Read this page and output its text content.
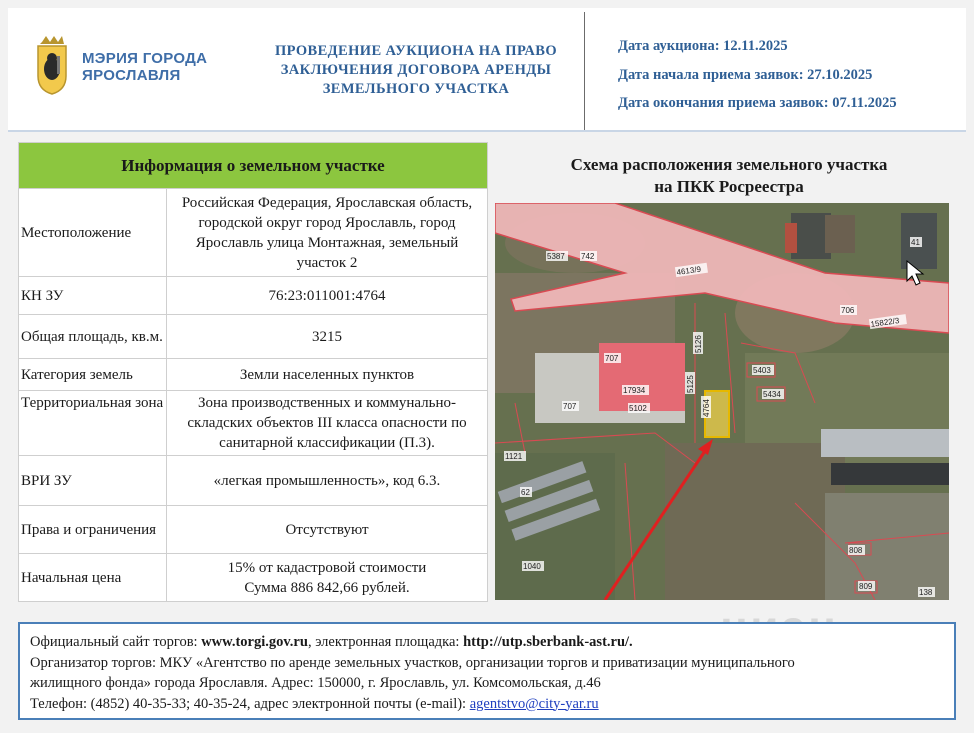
МЭРИЯ ГОРОДА
ЯРОСЛАВЛЯ
ПРОВЕДЕНИЕ АУКЦИОНА НА ПРАВО
ЗАКЛЮЧЕНИЯ ДОГОВОРА АРЕНДЫ
ЗЕМЕЛЬНОГО УЧАСТКА
Дата аукциона: 12.11.2025
Дата начала приема заявок: 27.10.2025
Дата окончания приема заявок: 07.11.2025
Информация о земельном участке	
Местоположение	Российская Федерация, Ярославская область, городской округ город Ярославль, город Ярославль улица Монтажная, земельный участок 2
КН ЗУ	76:23:011001:4764
Общая площадь, кв.м.	3215
Категория земель	Земли населенных пунктов
Территориальная зона	Зона производственных и коммунально-складских объектов III класса опасности по санитарной классификации (П.3).
ВРИ ЗУ	«легкая промышленность», код 6.3.
Права и ограничения	Отсутствуют
Начальная цена	15% от кадастровой стоимости
Сумма 886 842,66 рублей.
Схема расположения земельного участка
на ПКК Росреестра
5387 742
4613/9
706
15822/3
41
707
707
17934
5102
5126
5125
4764
5403
5434
1121
62
1040
808
809
138
Официальный сайт торгов: www.torgi.gov.ru, электронная площадка: http://utp.sberbank-ast.ru/.
Организатор торгов: МКУ «Агентство по аренде земельных участков, организации торгов и приватизации муниципального
жилищного фонда» города Ярославля. Адрес: 150000, г. Ярославль, ул. Комсомольская, д.46
Телефон: (4852) 40-35-33; 40-35-24, адрес электронной почты (e-mail): agentstvo@city-yar.ru
